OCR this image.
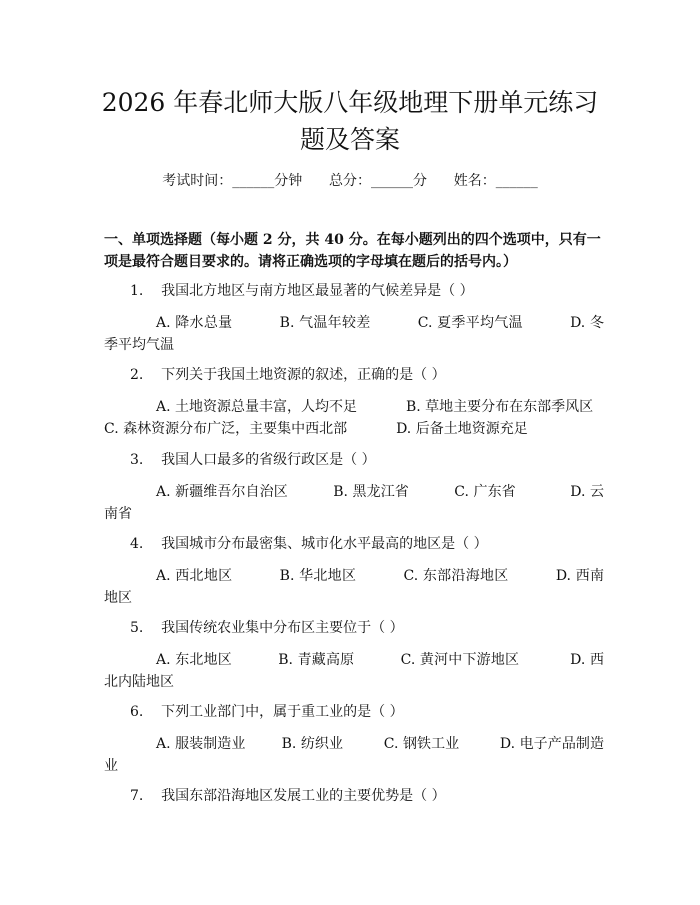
2026 年春北师大版八年级地理下册单元练习
题及答案
考试时间：______分钟      总分：______分      姓名：______
一、单项选择题（每小题 2 分，共 40 分。在每小题列出的四个选项中，只有一项是最符合题目要求的。请将正确选项的字母填在题后的括号内。）
1. 我国北方地区与南方地区最显著的气候差异是（ ）
A. 降水总量	B. 气温年较差	C. 夏季平均气温	D. 冬季平均气温
2. 下列关于我国土地资源的叙述，正确的是（ ）
A. 土地资源总量丰富，人均不足	B. 草地主要分布在东部季风区
C. 森林资源分布广泛，主要集中西北部	D. 后备土地资源充足
3. 我国人口最多的省级行政区是（ ）
A. 新疆维吾尔自治区	B. 黑龙江省	C. 广东省	D. 云南省
4. 我国城市分布最密集、城市化水平最高的地区是（ ）
A. 西北地区	B. 华北地区	C. 东部沿海地区	D. 西南地区
5. 我国传统农业集中分布区主要位于（ ）
A. 东北地区	B. 青藏高原	C. 黄河中下游地区	D. 西北内陆地区
6. 下列工业部门中，属于重工业的是（ ）
A. 服装制造业	B. 纺织业	C. 钢铁工业	D. 电子产品制造业
7. 我国东部沿海地区发展工业的主要优势是（ ）
